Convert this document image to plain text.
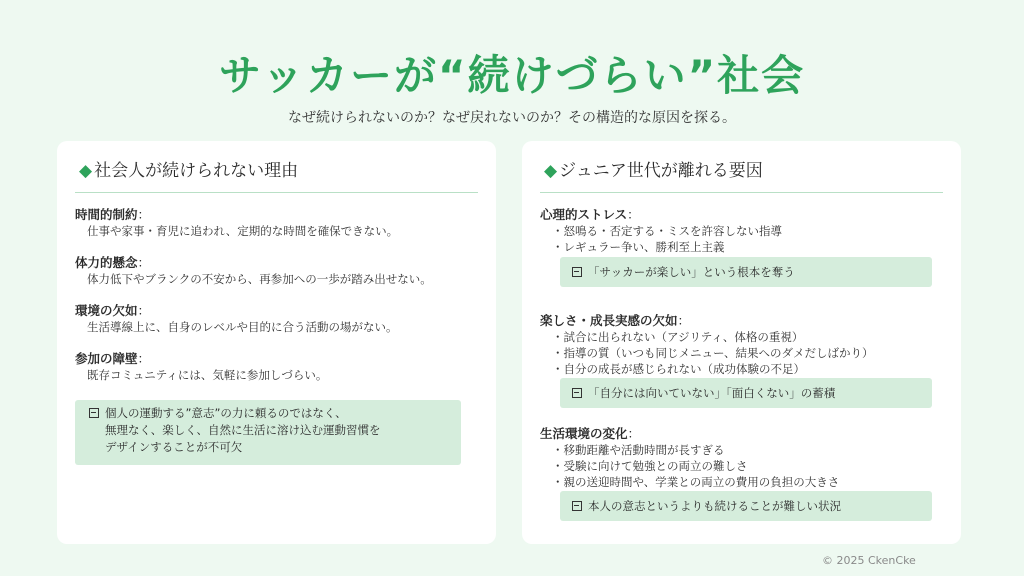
サッカーが“続けづらい”社会
なぜ続けられないのか？なぜ戻れないのか？その構造的な原因を探る。
◆ 社会人が続けられない理由
時間的制約：
仕事や家事・育児に追われ、定期的な時間を確保できない。
体力的懸念：
体力低下やブランクの不安から、再参加への一歩が踏み出せない。
環境の欠如：
生活導線上に、自身のレベルや目的に合う活動の場がない。
参加の障壁：
既存コミュニティには、気軽に参加しづらい。
個人の運動する”意志”の力に頼るのではなく、
無理なく、楽しく、自然に生活に溶け込む運動習慣を
デザインすることが不可欠
◆ ジュニア世代が離れる要因
心理的ストレス：
・怒鳴る・否定する・ミスを許容しない指導
・レギュラー争い、勝利至上主義
「サッカーが楽しい」という根本を奪う
楽しさ・成長実感の欠如：
・試合に出られない（アジリティ、体格の重視）
・指導の質（いつも同じメニュー、結果へのダメだしばかり）
・自分の成長が感じられない（成功体験の不足）
「自分には向いていない」「面白くない」の蓄積
生活環境の変化：
・移動距離や活動時間が長すぎる
・受験に向けて勉強との両立の難しさ
・親の送迎時間や、学業との両立の費用の負担の大きさ
本人の意志というよりも続けることが難しい状況
© 2025 CkenCke
